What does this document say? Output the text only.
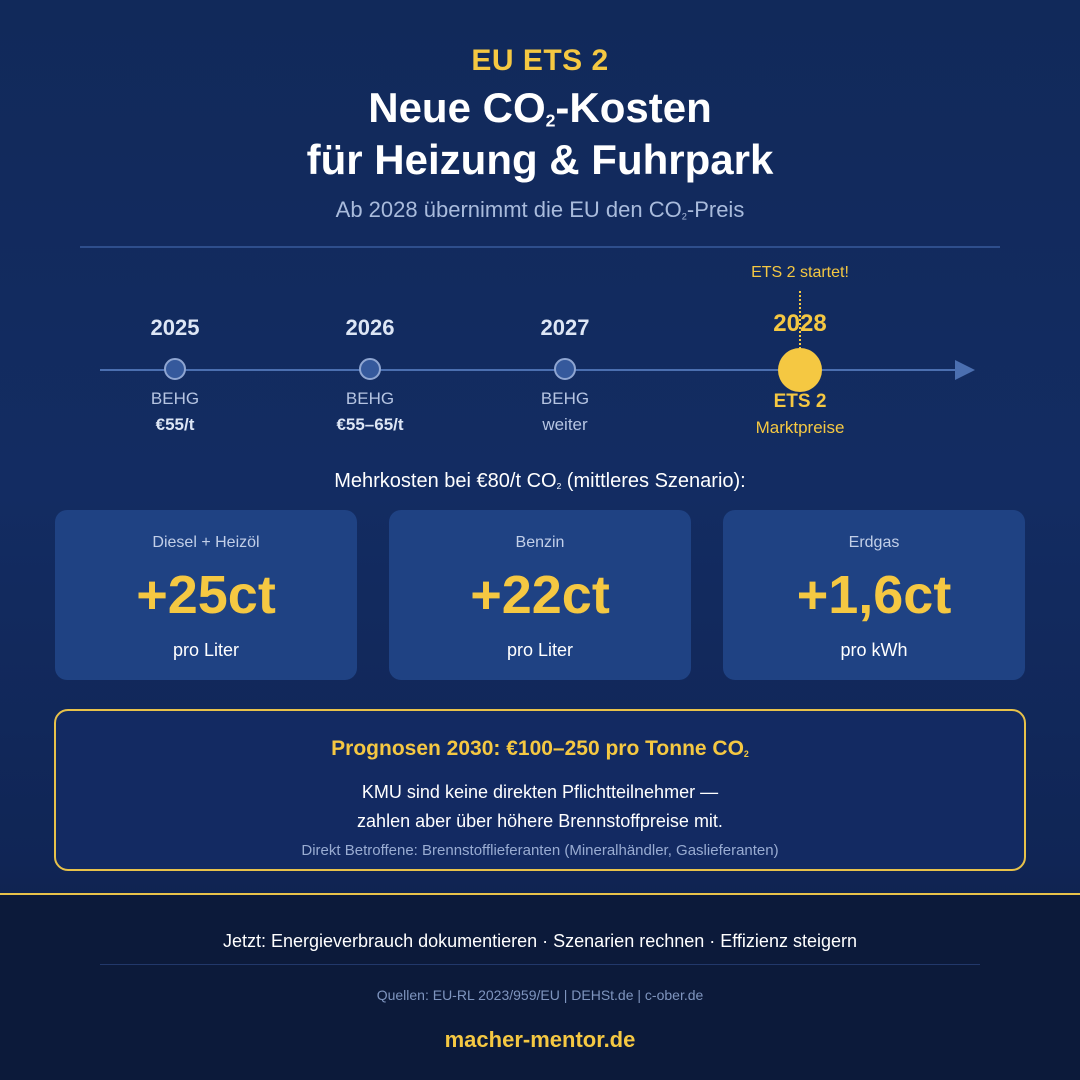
EU ETS 2
Neue $CO_2$-Kosten
für Heizung & Fuhrpark
Ab 2028 übernimmt die EU den $CO_2$-Preis
ETS 2 startet!
2025
BEHG
€55/t
2026
BEHG
€55–65/t
2027
BEHG
weiter
2028
ETS 2
Marktpreise
Mehrkosten bei €80/t $CO_2$ (mittleres Szenario):
Diesel + Heizöl
+25ct
pro Liter
Benzin
+22ct
pro Liter
Erdgas
+1,6ct
pro kWh
Prognosen 2030: €100–250 pro Tonne $CO_2$
KMU sind keine direkten Pflichtteilnehmer —
zahlen aber über höhere Brennstoffpreise mit.
Direkt Betroffene: Brennstofflieferanten (Mineralhändler, Gaslieferanten)
Jetzt: Energieverbrauch dokumentieren · Szenarien rechnen · Effizienz steigern
Quellen: EU-RL 2023/959/EU | DEHSt.de | c-ober.de
macher-mentor.de
